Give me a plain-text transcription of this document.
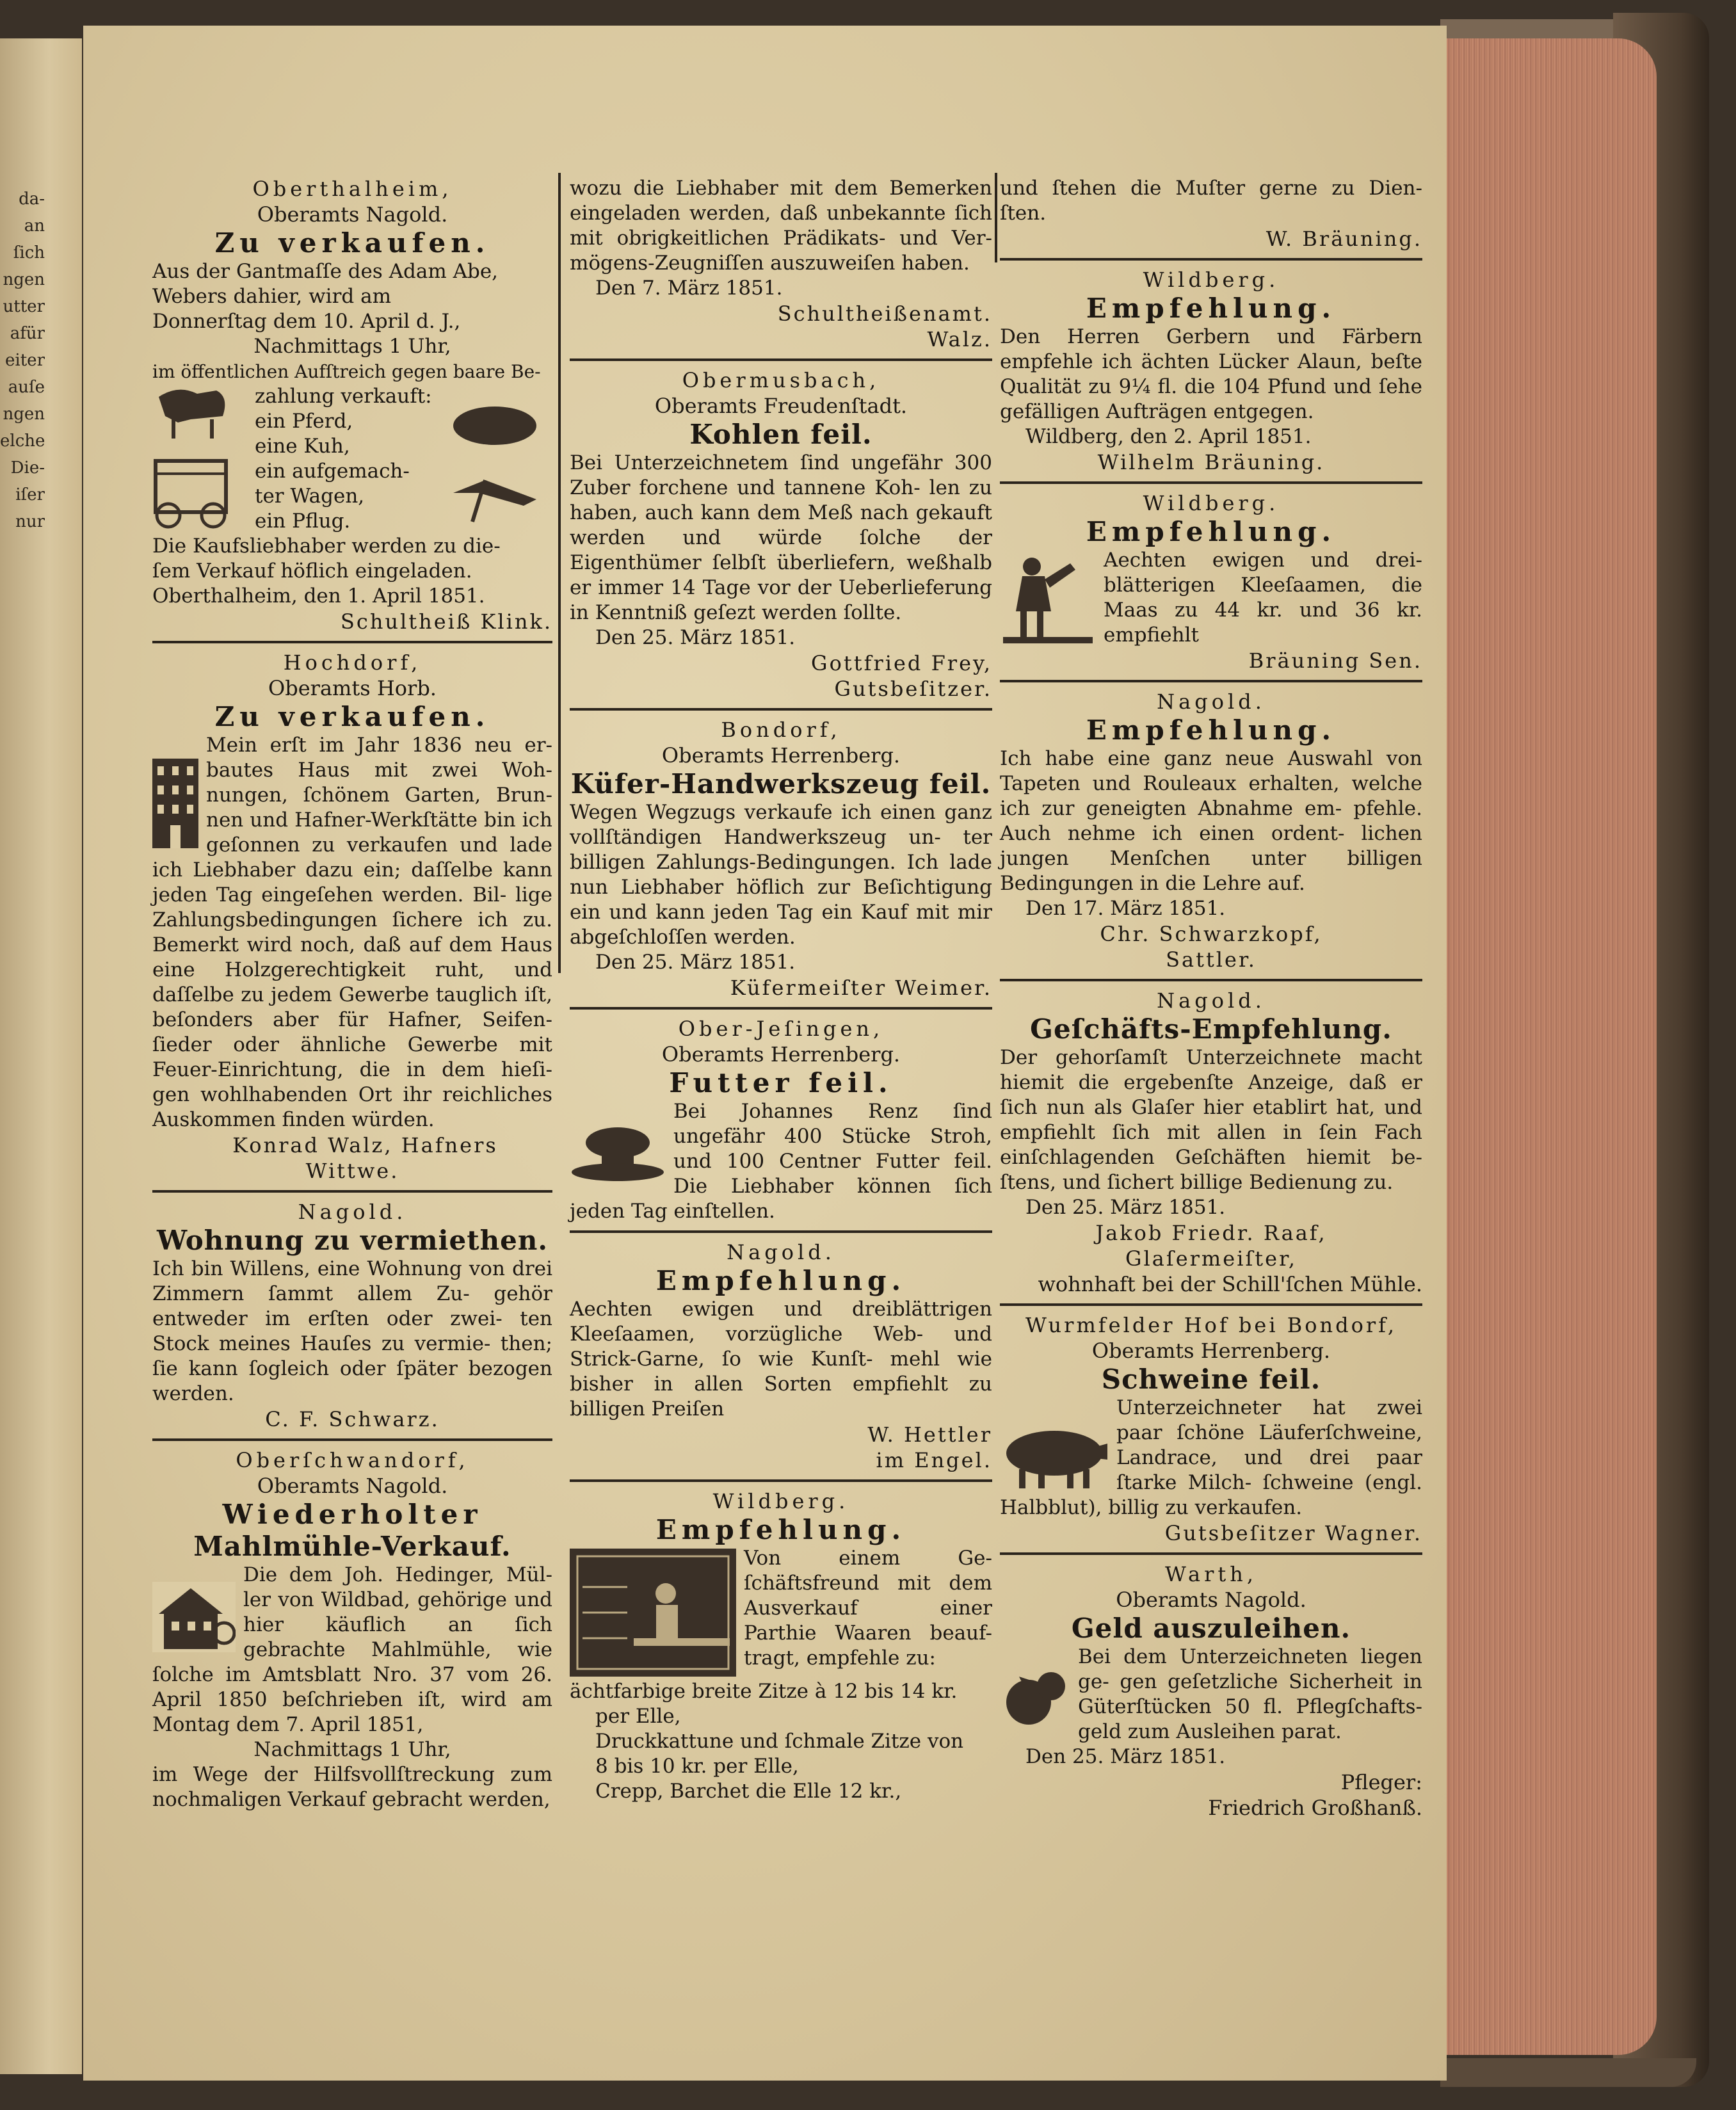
da-
an
ſich
ngen
utter
afür
eiter
auſe
ngen
elche
Die-
iſer
nur
Oberthalheim,
Oberamts Nagold.
Zu verkaufen.

Aus der Gantmaſſe des Adam Abe,

Webers dahier, wird am

Donnerſtag dem 10. April d. J.,

Nachmittags 1 Uhr,

im öffentlichen Aufſtreich gegen baare Be-

zahlung verkauft:
ein Pferd,
eine Kuh,
ein aufgemach-
ter Wagen,
ein Pflug.

Die Kaufsliebhaber werden zu die-

ſem Verkauf höflich eingeladen.

Oberthalheim, den 1. April 1851.

Schultheiß Klink.
Hochdorf,
Oberamts Horb.
Zu verkaufen.

Mein erſt im Jahr 1836 neu er- bautes Haus mit zwei Woh- nungen, ſchönem Garten, Brun- nen und Hafner-Werkſtätte bin ich geſonnen zu verkaufen und lade ich Liebhaber dazu ein; daſſelbe kann jeden Tag eingeſehen werden. Bil- lige Zahlungsbedingungen ſichere ich zu. Bemerkt wird noch, daß auf dem Haus eine Holzgerechtigkeit ruht, und daſſelbe zu jedem Gewerbe tauglich iſt, beſonders aber für Hafner, Seifen- ſieder oder ähnliche Gewerbe mit Feuer-Einrichtung, die in dem hieſi- gen wohlhabenden Ort ihr reichliches Auskommen finden würden.

Konrad Walz, Hafners
Wittwe.
Nagold.
Wohnung zu vermiethen.

Ich bin Willens, eine Wohnung von drei Zimmern ſammt allem Zu- gehör entweder im erſten oder zwei- ten Stock meines Hauſes zu vermie- then; ſie kann ſogleich oder ſpäter bezogen werden.

C. F. Schwarz.
Oberſchwandorf,
Oberamts Nagold.
Wiederholter
Mahlmühle-Verkauf.

Die dem Joh. Hedinger, Mül- ler von Wildbad, gehörige und hier käuflich an ſich gebrachte Mahlmühle, wie ſolche im Amtsblatt Nro. 37 vom 26. April 1850 beſchrieben iſt, wird am Montag dem 7. April 1851,

Nachmittags 1 Uhr,

im Wege der Hilfsvollſtreckung zum nochmaligen Verkauf gebracht werden,

wozu die Liebhaber mit dem Bemerken eingeladen werden, daß unbekannte ſich mit obrigkeitlichen Prädikats- und Ver- mögens-Zeugniſſen auszuweiſen haben.

Den 7. März 1851.
Schultheißenamt.
Walz.
Obermusbach,
Oberamts Freudenſtadt.
Kohlen feil.

Bei Unterzeichnetem ſind ungefähr 300 Zuber forchene und tannene Koh- len zu haben, auch kann dem Meß nach gekauft werden und würde ſolche der Eigenthümer ſelbſt überliefern, weßhalb er immer 14 Tage vor der Ueberlieferung in Kenntniß geſezt werden ſollte.

Den 25. März 1851.
Gottfried Frey,
Gutsbeſitzer.
Bondorf,
Oberamts Herrenberg.
Küfer-Handwerkszeug feil.

Wegen Wegzugs verkaufe ich einen ganz vollſtändigen Handwerkszeug un- ter billigen Zahlungs-Bedingungen. Ich lade nun Liebhaber höflich zur Beſichtigung ein und kann jeden Tag ein Kauf mit mir abgeſchloſſen werden.

Den 25. März 1851.
Küfermeiſter Weimer.
Ober-Jeſingen,
Oberamts Herrenberg.
Futter feil.

Bei Johannes Renz ſind ungefähr 400 Stücke Stroh, und 100 Centner Futter feil. Die Liebhaber können ſich jeden Tag einſtellen.

Nagold.
Empfehlung.

Aechten ewigen und dreiblättrigen Kleeſaamen, vorzügliche Web- und Strick-Garne, ſo wie Kunſt- mehl wie bisher in allen Sorten empfiehlt zu billigen Preiſen

W. Hettler
im Engel.
Wildberg.
Empfehlung.

Von einem Ge- ſchäftsfreund mit dem Ausverkauf einer Parthie Waaren beauf- tragt, empfehle zu:

ächtfarbige breite Zitze à 12 bis 14 kr.

per Elle,

Druckkattune und ſchmale Zitze von

8 bis 10 kr. per Elle,

Crepp, Barchet die Elle 12 kr.,

und ſtehen die Muſter gerne zu Dien- ſten.

W. Bräuning.
Wildberg.
Empfehlung.

Den Herren Gerbern und Färbern empfehle ich ächten Lücker Alaun, beſte Qualität zu 9¼ fl. die 104 Pfund und ſehe gefälligen Aufträgen entgegen.

Wildberg, den 2. April 1851.
Wilhelm Bräuning.
Wildberg.
Empfehlung.

Aechten ewigen und drei- blätterigen Kleeſaamen, die Maas zu 44 kr. und 36 kr. empfiehlt

Bräuning Sen.
Nagold.
Empfehlung.

Ich habe eine ganz neue Auswahl von Tapeten und Rouleaux erhalten, welche ich zur geneigten Abnahme em- pfehle. Auch nehme ich einen ordent- lichen jungen Menſchen unter billigen Bedingungen in die Lehre auf.

Den 17. März 1851.
Chr. Schwarzkopf,
Sattler.
Nagold.
Geſchäfts-Empfehlung.

Der gehorſamſt Unterzeichnete macht hiemit die ergebenſte Anzeige, daß er ſich nun als Glaſer hier etablirt hat, und empfiehlt ſich mit allen in ſein Fach einſchlagenden Geſchäften hiemit be- ſtens, und ſichert billige Bedienung zu.

Den 25. März 1851.
Jakob Friedr. Raaf,
Glaſermeiſter,
wohnhaft bei der Schill'ſchen Mühle.
Wurmfelder Hof bei Bondorf,
Oberamts Herrenberg.
Schweine feil.

Unterzeichneter hat zwei paar ſchöne Läuferſchweine, Landrace, und drei paar ſtarke Milch- ſchweine (engl. Halbblut), billig zu verkaufen.

Gutsbeſitzer Wagner.
Warth,
Oberamts Nagold.
Geld auszuleihen.

Bei dem Unterzeichneten liegen ge- gen geſetzliche Sicherheit in Güterſtücken 50 fl. Pflegſchafts- geld zum Ausleihen parat.

Den 25. März 1851.
Pfleger:
Friedrich Großhanß.
